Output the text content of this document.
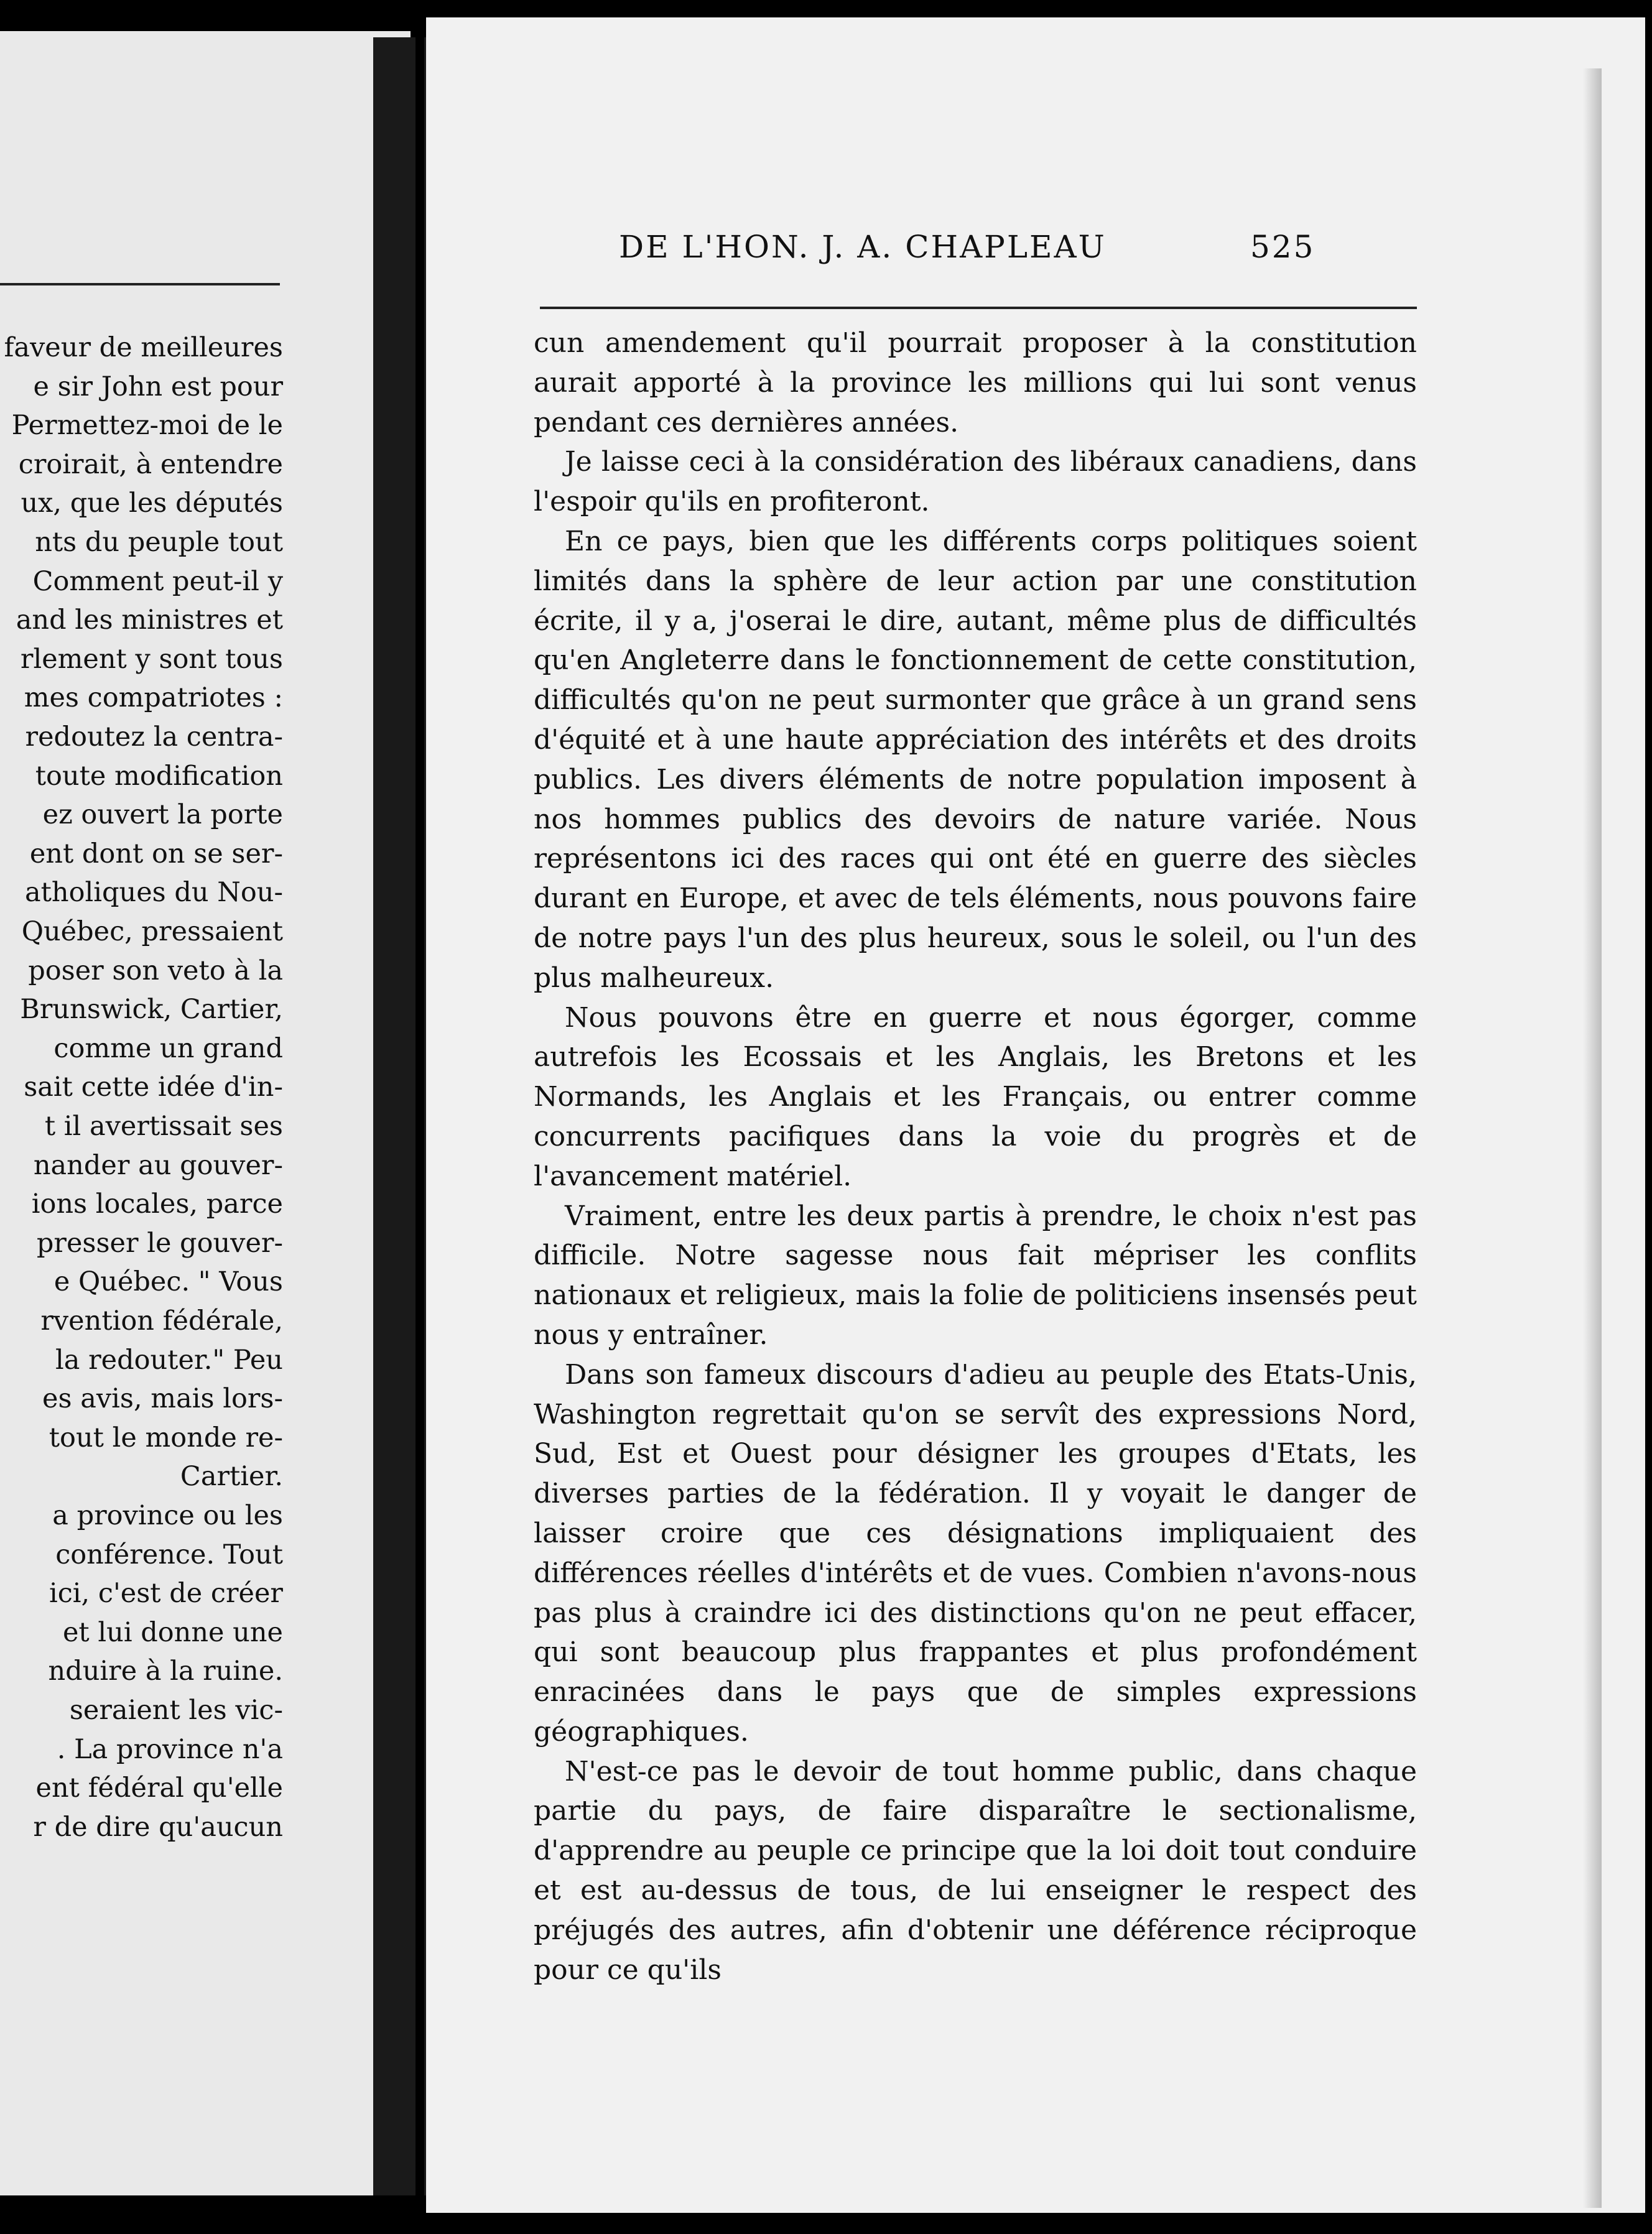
faveur de meilleures
e sir John est pour
Permettez-moi de le
croirait, à entendre
ux, que les députés
nts du peuple tout
Comment peut-il y
and les ministres et
rlement y sont tous
mes compatriotes :
redoutez la centra-
toute modification
ez ouvert la porte
ent dont on se ser-
atholiques du Nou-
Québec, pressaient
poser son veto à la
Brunswick, Cartier,
comme un grand
sait cette idée d'in-
t il avertissait ses
nander au gouver-
ions locales, parce
presser le gouver-
e Québec. " Vous
rvention fédérale,
la redouter." Peu
es avis, mais lors-
tout le monde re-
Cartier.
a province ou les
conférence. Tout
ici, c'est de créer
et lui donne une
nduire à la ruine.
seraient les vic-
. La province n'a
ent fédéral qu'elle
r de dire qu'aucun
DE L'HON. J. A. CHAPLEAU	525

cun amendement qu'il pourrait proposer à la constitution aurait apporté à la province les millions qui lui sont venus pendant ces dernières années.

Je laisse ceci à la considération des libéraux canadiens, dans l'espoir qu'ils en profiteront.

En ce pays, bien que les différents corps politiques soient limités dans la sphère de leur action par une constitution écrite, il y a, j'oserai le dire, autant, même plus de difficultés qu'en Angleterre dans le fonctionnement de cette constitution, difficultés qu'on ne peut surmonter que grâce à un grand sens d'équité et à une haute appréciation des intérêts et des droits publics. Les divers éléments de notre population imposent à nos hommes publics des devoirs de nature variée. Nous représentons ici des races qui ont été en guerre des siècles durant en Europe, et avec de tels éléments, nous pouvons faire de notre pays l'un des plus heureux, sous le soleil, ou l'un des plus malheureux.

Nous pouvons être en guerre et nous égorger, comme autrefois les Ecossais et les Anglais, les Bretons et les Normands, les Anglais et les Français, ou entrer comme concurrents pacifiques dans la voie du progrès et de l'avancement matériel.

Vraiment, entre les deux partis à prendre, le choix n'est pas difficile. Notre sagesse nous fait mépriser les conflits nationaux et religieux, mais la folie de politiciens insensés peut nous y entraîner.

Dans son fameux discours d'adieu au peuple des Etats-Unis, Washington regrettait qu'on se servît des expressions Nord, Sud, Est et Ouest pour désigner les groupes d'Etats, les diverses parties de la fédération. Il y voyait le danger de laisser croire que ces désignations impliquaient des différences réelles d'intérêts et de vues. Combien n'avons-nous pas plus à craindre ici des distinctions qu'on ne peut effacer, qui sont beaucoup plus frappantes et plus profondément enracinées dans le pays que de simples expressions géographiques.

N'est-ce pas le devoir de tout homme public, dans chaque partie du pays, de faire disparaître le sectionalisme, d'apprendre au peuple ce principe que la loi doit tout conduire et est au-dessus de tous, de lui enseigner le respect des préjugés des autres, afin d'obtenir une déférence réciproque pour ce qu'ils
